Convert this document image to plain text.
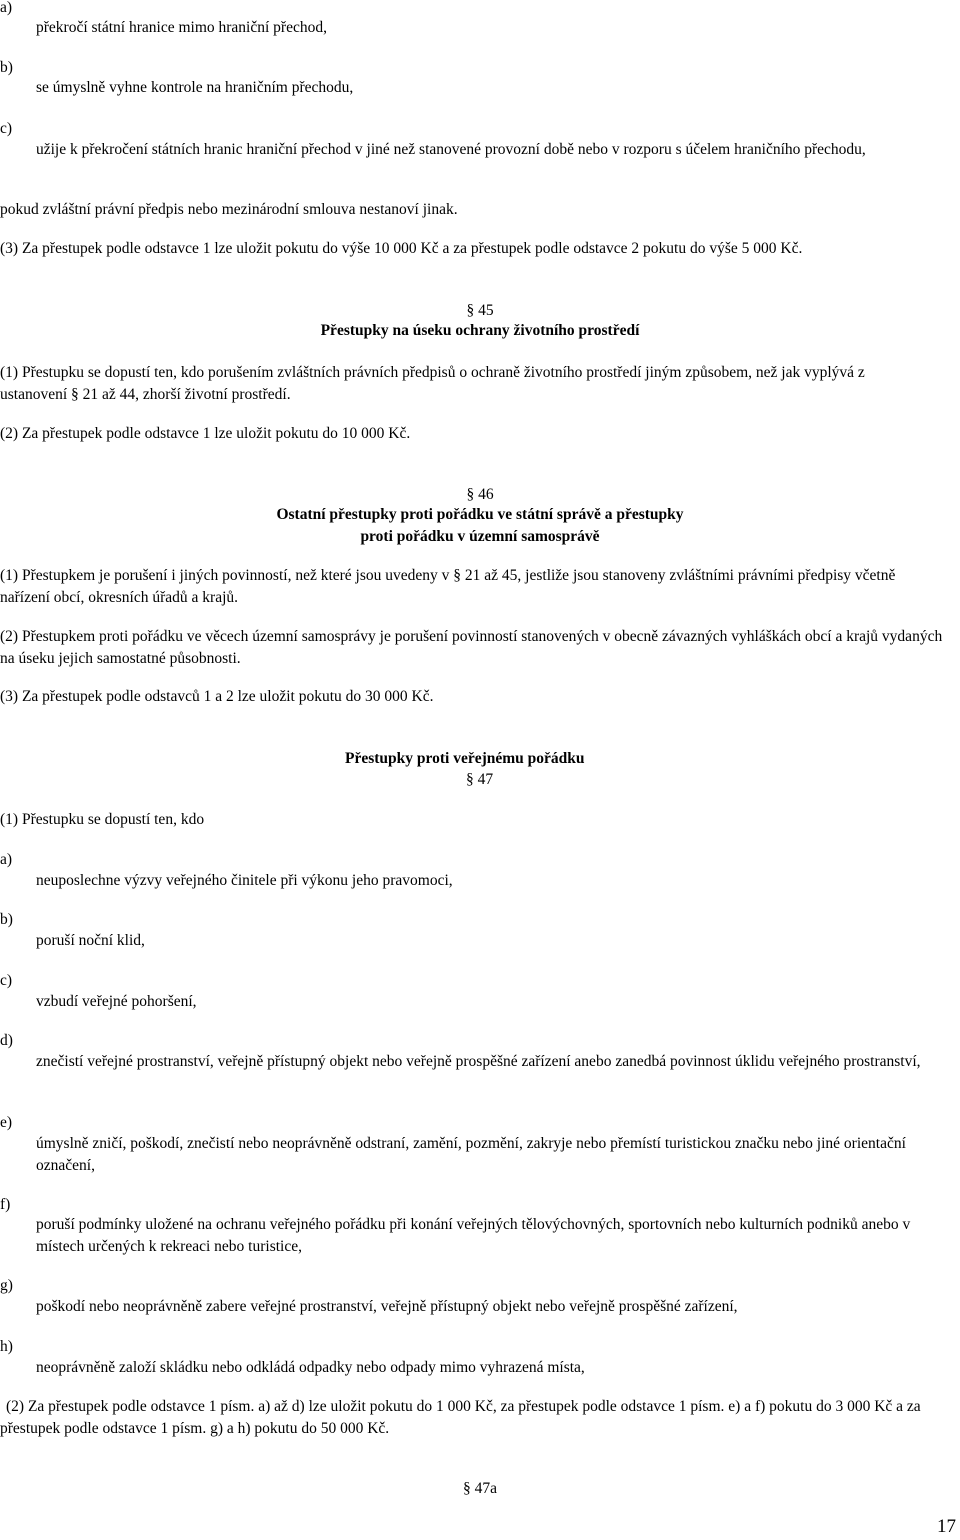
a)
překročí státní hranice mimo hraniční přechod,
b)
se úmyslně vyhne kontrole na hraničním přechodu,
c)
užije k překročení státních hranic hraniční přechod v jiné než stanovené provozní době nebo v rozporu s účelem hraničního přechodu,
pokud zvláštní právní předpis nebo mezinárodní smlouva nestanoví jinak.
(3) Za přestupek podle odstavce 1 lze uložit pokutu do výše 10 000 Kč a za přestupek podle odstavce 2 pokutu do výše 5 000 Kč.
§ 45
Přestupky na úseku ochrany životního prostředí
(1) Přestupku se dopustí ten, kdo porušením zvláštních právních předpisů o ochraně životního prostředí jiným způsobem, než jak vyplývá z ustanovení § 21 až 44, zhorší životní prostředí.
(2) Za přestupek podle odstavce 1 lze uložit pokutu do 10 000 Kč.
§ 46
Ostatní přestupky proti pořádku ve státní správě a přestupky
proti pořádku v územní samosprávě
(1) Přestupkem je porušení i jiných povinností, než které jsou uvedeny v § 21 až 45, jestliže jsou stanoveny zvláštními právními předpisy včetně nařízení obcí, okresních úřadů a krajů.
(2) Přestupkem proti pořádku ve věcech územní samosprávy je porušení povinností stanovených v obecně závazných vyhláškách obcí a krajů vydaných na úseku jejich samostatné působnosti.
(3) Za přestupek podle odstavců 1 a 2 lze uložit pokutu do 30 000 Kč.
Přestupky proti veřejnému pořádku
§ 47
(1) Přestupku se dopustí ten, kdo
a)
neuposlechne výzvy veřejného činitele při výkonu jeho pravomoci,
b)
poruší noční klid,
c)
vzbudí veřejné pohoršení,
d)
znečistí veřejné prostranství, veřejně přístupný objekt nebo veřejně prospěšné zařízení anebo zanedbá povinnost úklidu veřejného prostranství,
e)
úmyslně zničí, poškodí, znečistí nebo neoprávněně odstraní, zamění, pozmění, zakryje nebo přemístí turistickou značku nebo jiné orientační označení,
f)
poruší podmínky uložené na ochranu veřejného pořádku při konání veřejných tělovýchovných, sportovních nebo kulturních podniků anebo v místech určených k rekreaci nebo turistice,
g)
poškodí nebo neoprávněně zabere veřejné prostranství, veřejně přístupný objekt nebo veřejně prospěšné zařízení,
h)
neoprávněně založí skládku nebo odkládá odpadky nebo odpady mimo vyhrazená místa,
(2) Za přestupek podle odstavce 1 písm. a) až d) lze uložit pokutu do 1 000 Kč, za přestupek podle odstavce 1 písm. e) a f) pokutu do 3 000 Kč a za přestupek podle odstavce 1 písm. g) a h) pokutu do 50 000 Kč.
§ 47a
17
